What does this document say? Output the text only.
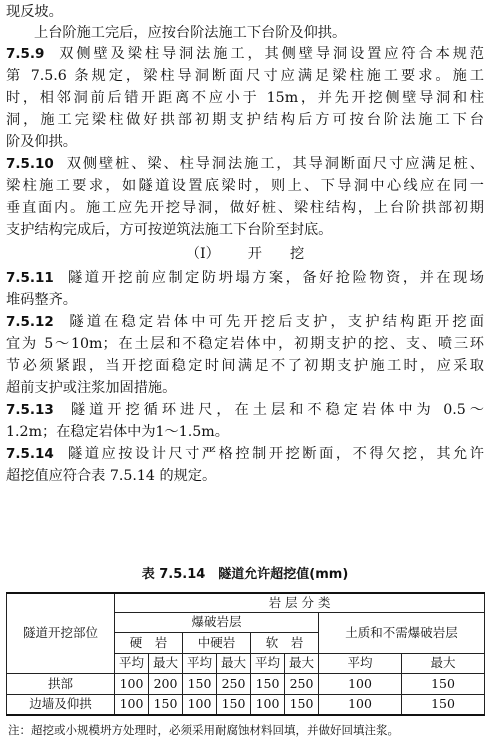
现反坡。
上台阶施工完后，应按台阶法施工下台阶及仰拱。
7.5.9 双侧壁及梁柱导洞法施工，其侧壁导洞设置应符合本规范
第 7.5.6 条规定，梁柱导洞断面尺寸应满足梁柱施工要求。施工
时，相邻洞前后错开距离不应小于 15m，并先开挖侧壁导洞和柱
洞，施工完梁柱做好拱部初期支护结构后方可按台阶法施工下台
阶及仰拱。
7.5.10 双侧壁桩、梁、柱导洞法施工，其导洞断面尺寸应满足桩、
梁柱施工要求，如隧道设置底梁时，则上、下导洞中心线应在同一
垂直面内。施工应先开挖导洞，做好桩、梁柱结构，上台阶拱部初期
支护结构完成后，方可按逆筑法施工下台阶至封底。
（Ⅰ） 开 挖
7.5.11 隧道开挖前应制定防坍塌方案，备好抢险物资，并在现场
堆码整齐。
7.5.12 隧道在稳定岩体中可先开挖后支护，支护结构距开挖面
宜为 5～10m；在土层和不稳定岩体中，初期支护的挖、支、喷三环
节必须紧跟，当开挖面稳定时间满足不了初期支护施工时，应采取
超前支护或注浆加固措施。
7.5.13 隧道开挖循环进尺，在土层和不稳定岩体中为 0.5～
1.2m；在稳定岩体中为1～1.5m。
7.5.14 隧道应按设计尺寸严格控制开挖断面，不得欠挖，其允许
超挖值应符合表 7.5.14 的规定。
表 7.5.14　隧道允许超挖值(mm)
隧道开挖部位	岩 层 分 类							
	爆破岩层						土质和不需爆破岩层	
	硬　岩		中硬岩		软　岩			
	平均	最大	平均	最大	平均	最大	平均	最大
拱部	100	200	150	250	150	250	100	150
边墙及仰拱	100	150	100	150	100	150	100	150
注：超挖或小规模坍方处理时，必须采用耐腐蚀材料回填，并做好回填注浆。
